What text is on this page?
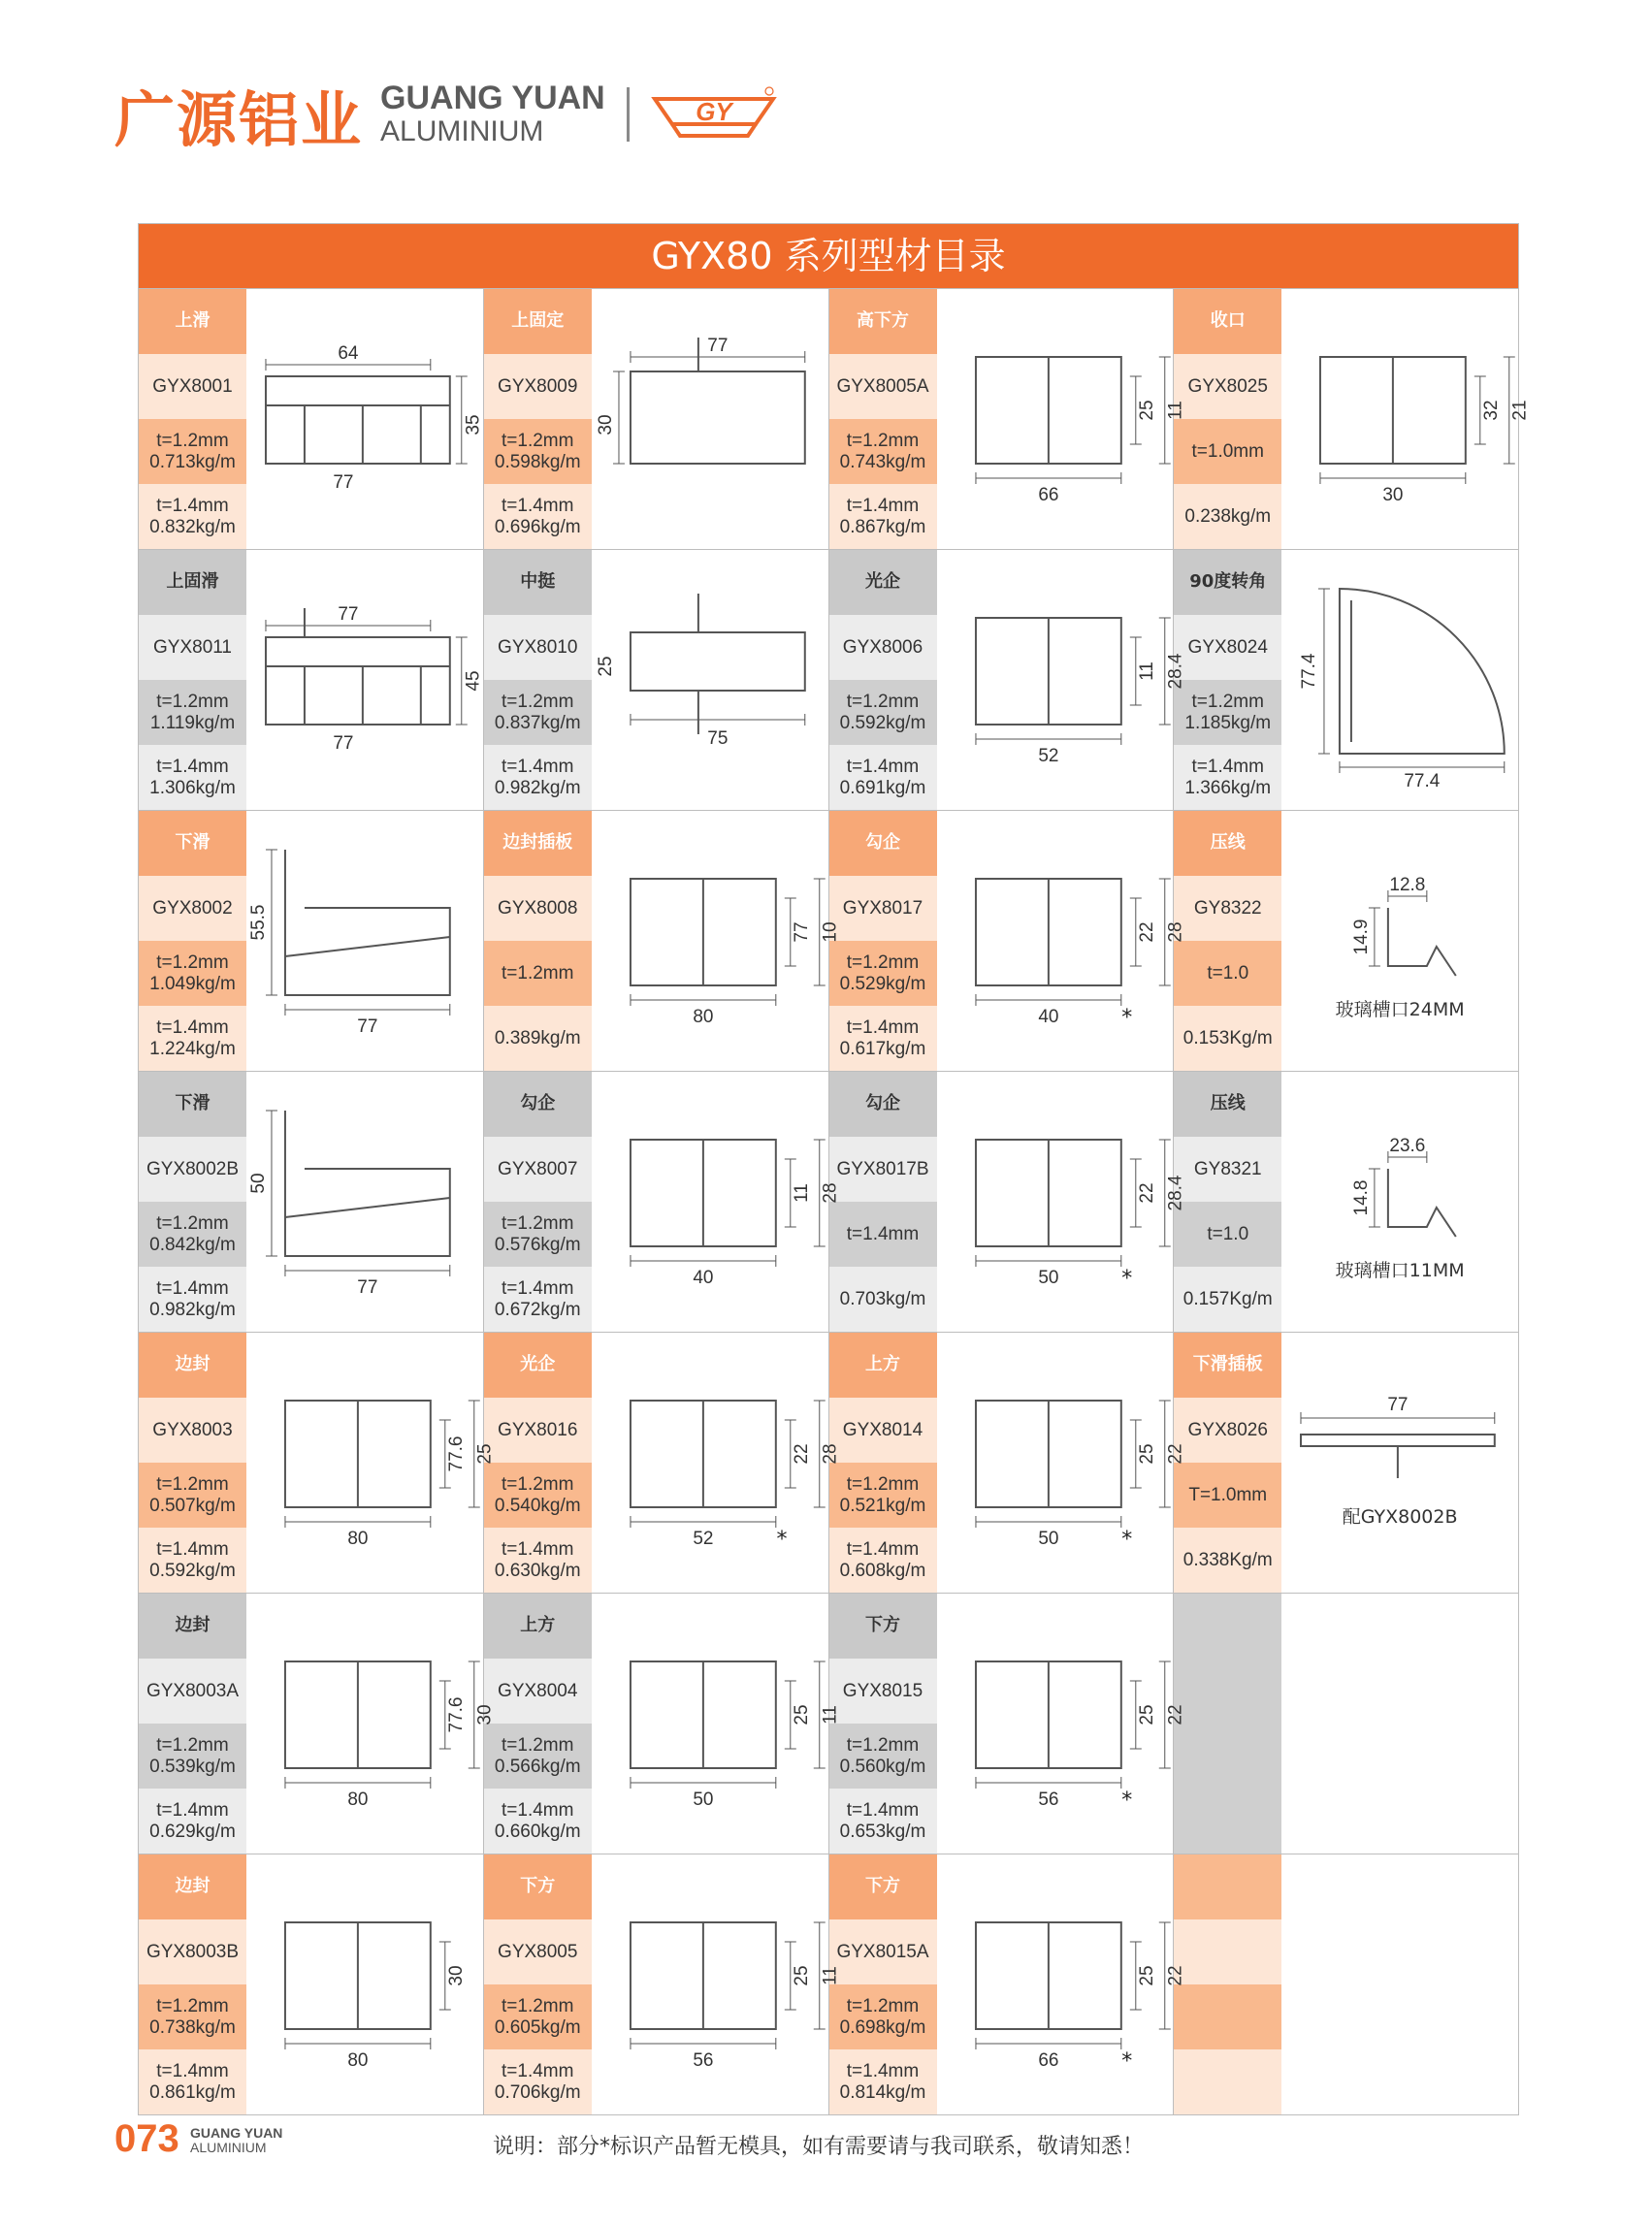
广源铝业 GUANG YUAN
ALUMINIUM
GY
GYX80 系列型材目录
上滑
GYX8001
t=1.2mm
0.713kg/m
t=1.4mm
0.832kg/m
64
35
77
上固定
GYX8009
t=1.2mm
0.598kg/m
t=1.4mm
0.696kg/m
77
30
高下方
GYX8005A
t=1.2mm
0.743kg/m
t=1.4mm
0.867kg/m
66
25 11
收口
GYX8025
t=1.0mm
0.238kg/m
30
32 21
上固滑
GYX8011
t=1.2mm
1.119kg/m
t=1.4mm
1.306kg/m
77
77
45
中挺
GYX8010
t=1.2mm
0.837kg/m
t=1.4mm
0.982kg/m
75
25
光企
GYX8006
t=1.2mm
0.592kg/m
t=1.4mm
0.691kg/m
52
11 28.4
90度转角
GYX8024
t=1.2mm
1.185kg/m
t=1.4mm
1.366kg/m
77.4
77.4
下滑
GYX8002
t=1.2mm
1.049kg/m
t=1.4mm
1.224kg/m
77
55.5
边封插板
GYX8008
t=1.2mm
0.389kg/m
80
77 10
勾企
GYX8017
t=1.2mm
0.529kg/m
t=1.4mm
0.617kg/m
40
22 28
*
压线
GY8322
t=1.0
0.153Kg/m
12.8
14.9
玻璃槽口24MM
下滑
GYX8002B
t=1.2mm
0.842kg/m
t=1.4mm
0.982kg/m
77
50
勾企
GYX8007
t=1.2mm
0.576kg/m
t=1.4mm
0.672kg/m
40
11 28
勾企
GYX8017B
t=1.4mm
0.703kg/m
50
22 28.4
*
压线
GY8321
t=1.0
0.157Kg/m
23.6
14.8
玻璃槽口11MM
边封
GYX8003
t=1.2mm
0.507kg/m
t=1.4mm
0.592kg/m
80
77.6 25
光企
GYX8016
t=1.2mm
0.540kg/m
t=1.4mm
0.630kg/m
52
22 28
*
上方
GYX8014
t=1.2mm
0.521kg/m
t=1.4mm
0.608kg/m
50
25 22
*
下滑插板
GYX8026
T=1.0mm
0.338Kg/m
77
配GYX8002B
边封
GYX8003A
t=1.2mm
0.539kg/m
t=1.4mm
0.629kg/m
80
77.6 30
上方
GYX8004
t=1.2mm
0.566kg/m
t=1.4mm
0.660kg/m
50
25 11
下方
GYX8015
t=1.2mm
0.560kg/m
t=1.4mm
0.653kg/m
56
25 22
*
边封
GYX8003B
t=1.2mm
0.738kg/m
t=1.4mm
0.861kg/m
80
30
下方
GYX8005
t=1.2mm
0.605kg/m
t=1.4mm
0.706kg/m
56
25 11
下方
GYX8015A
t=1.2mm
0.698kg/m
t=1.4mm
0.814kg/m
66
25 22
*
073 GUANG YUAN
ALUMINIUM	说明：部分*标识产品暂无模具，如有需要请与我司联系，敬请知悉！
